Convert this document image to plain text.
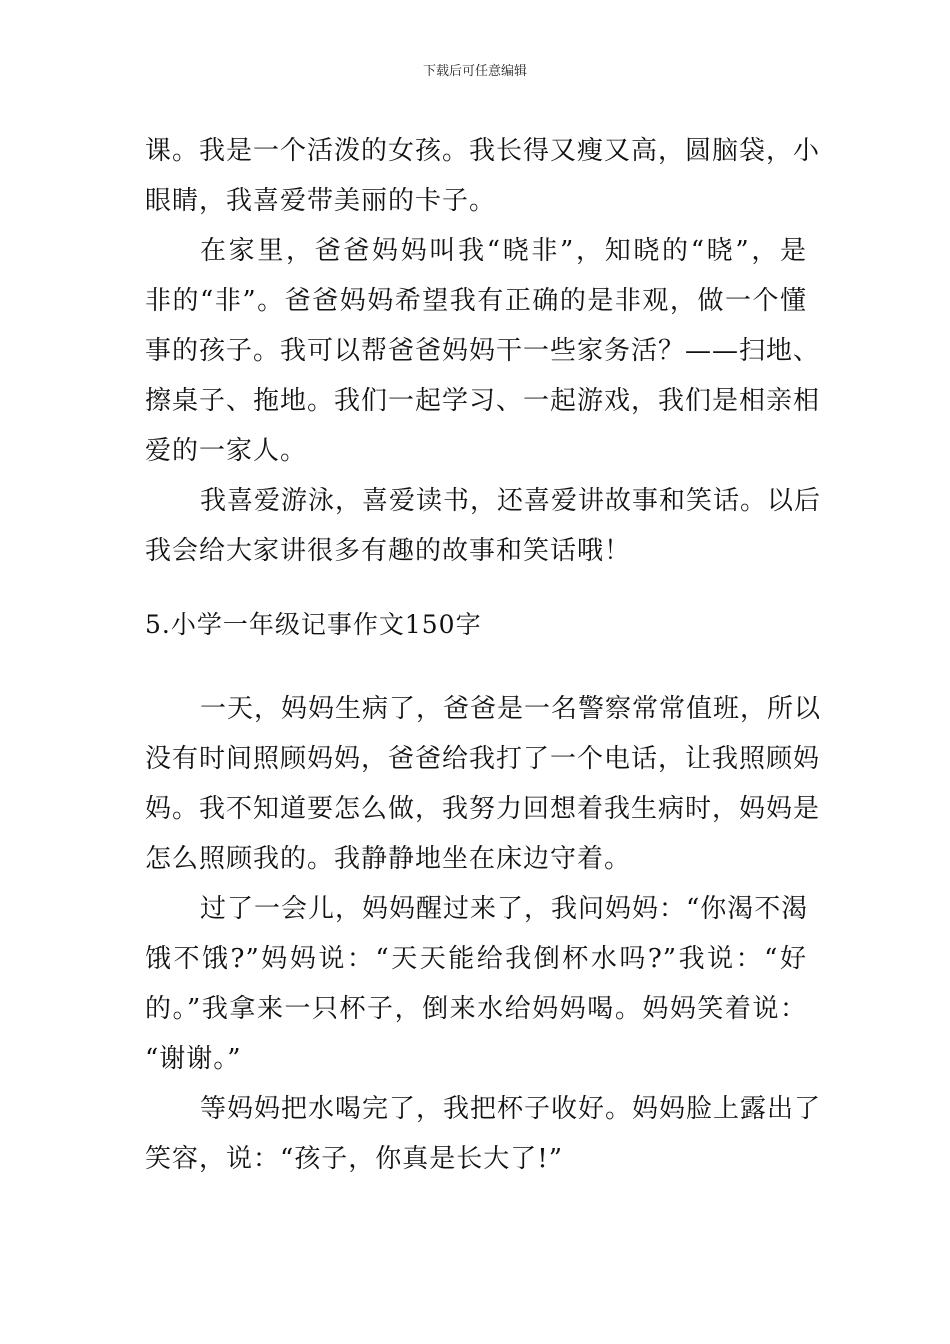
下载后可任意编辑
课。我是一个活泼的女孩。我长得又瘦又高，圆脑袋，小
眼睛，我喜爱带美丽的卡子。
在家里，爸爸妈妈叫我“晓非”，知晓的“晓”，是
非的“非”。爸爸妈妈希望我有正确的是非观，做一个懂
事的孩子。我可以帮爸爸妈妈干一些家务活？——扫地、
擦桌子、拖地。我们一起学习、一起游戏，我们是相亲相
爱的一家人。
我喜爱游泳，喜爱读书，还喜爱讲故事和笑话。以后
我会给大家讲很多有趣的故事和笑话哦！
5.小学一年级记事作文150字
一天，妈妈生病了，爸爸是一名警察常常值班，所以
没有时间照顾妈妈，爸爸给我打了一个电话，让我照顾妈
妈。我不知道要怎么做，我努力回想着我生病时，妈妈是
怎么照顾我的。我静静地坐在床边守着。
过了一会儿，妈妈醒过来了，我问妈妈：“你渴不渴
饿不饿?”妈妈说：“天天能给我倒杯水吗?”我说：“好
的。”我拿来一只杯子，倒来水给妈妈喝。妈妈笑着说：
“谢谢。”
等妈妈把水喝完了，我把杯子收好。妈妈脸上露出了
笑容，说：“孩子，你真是长大了!”
